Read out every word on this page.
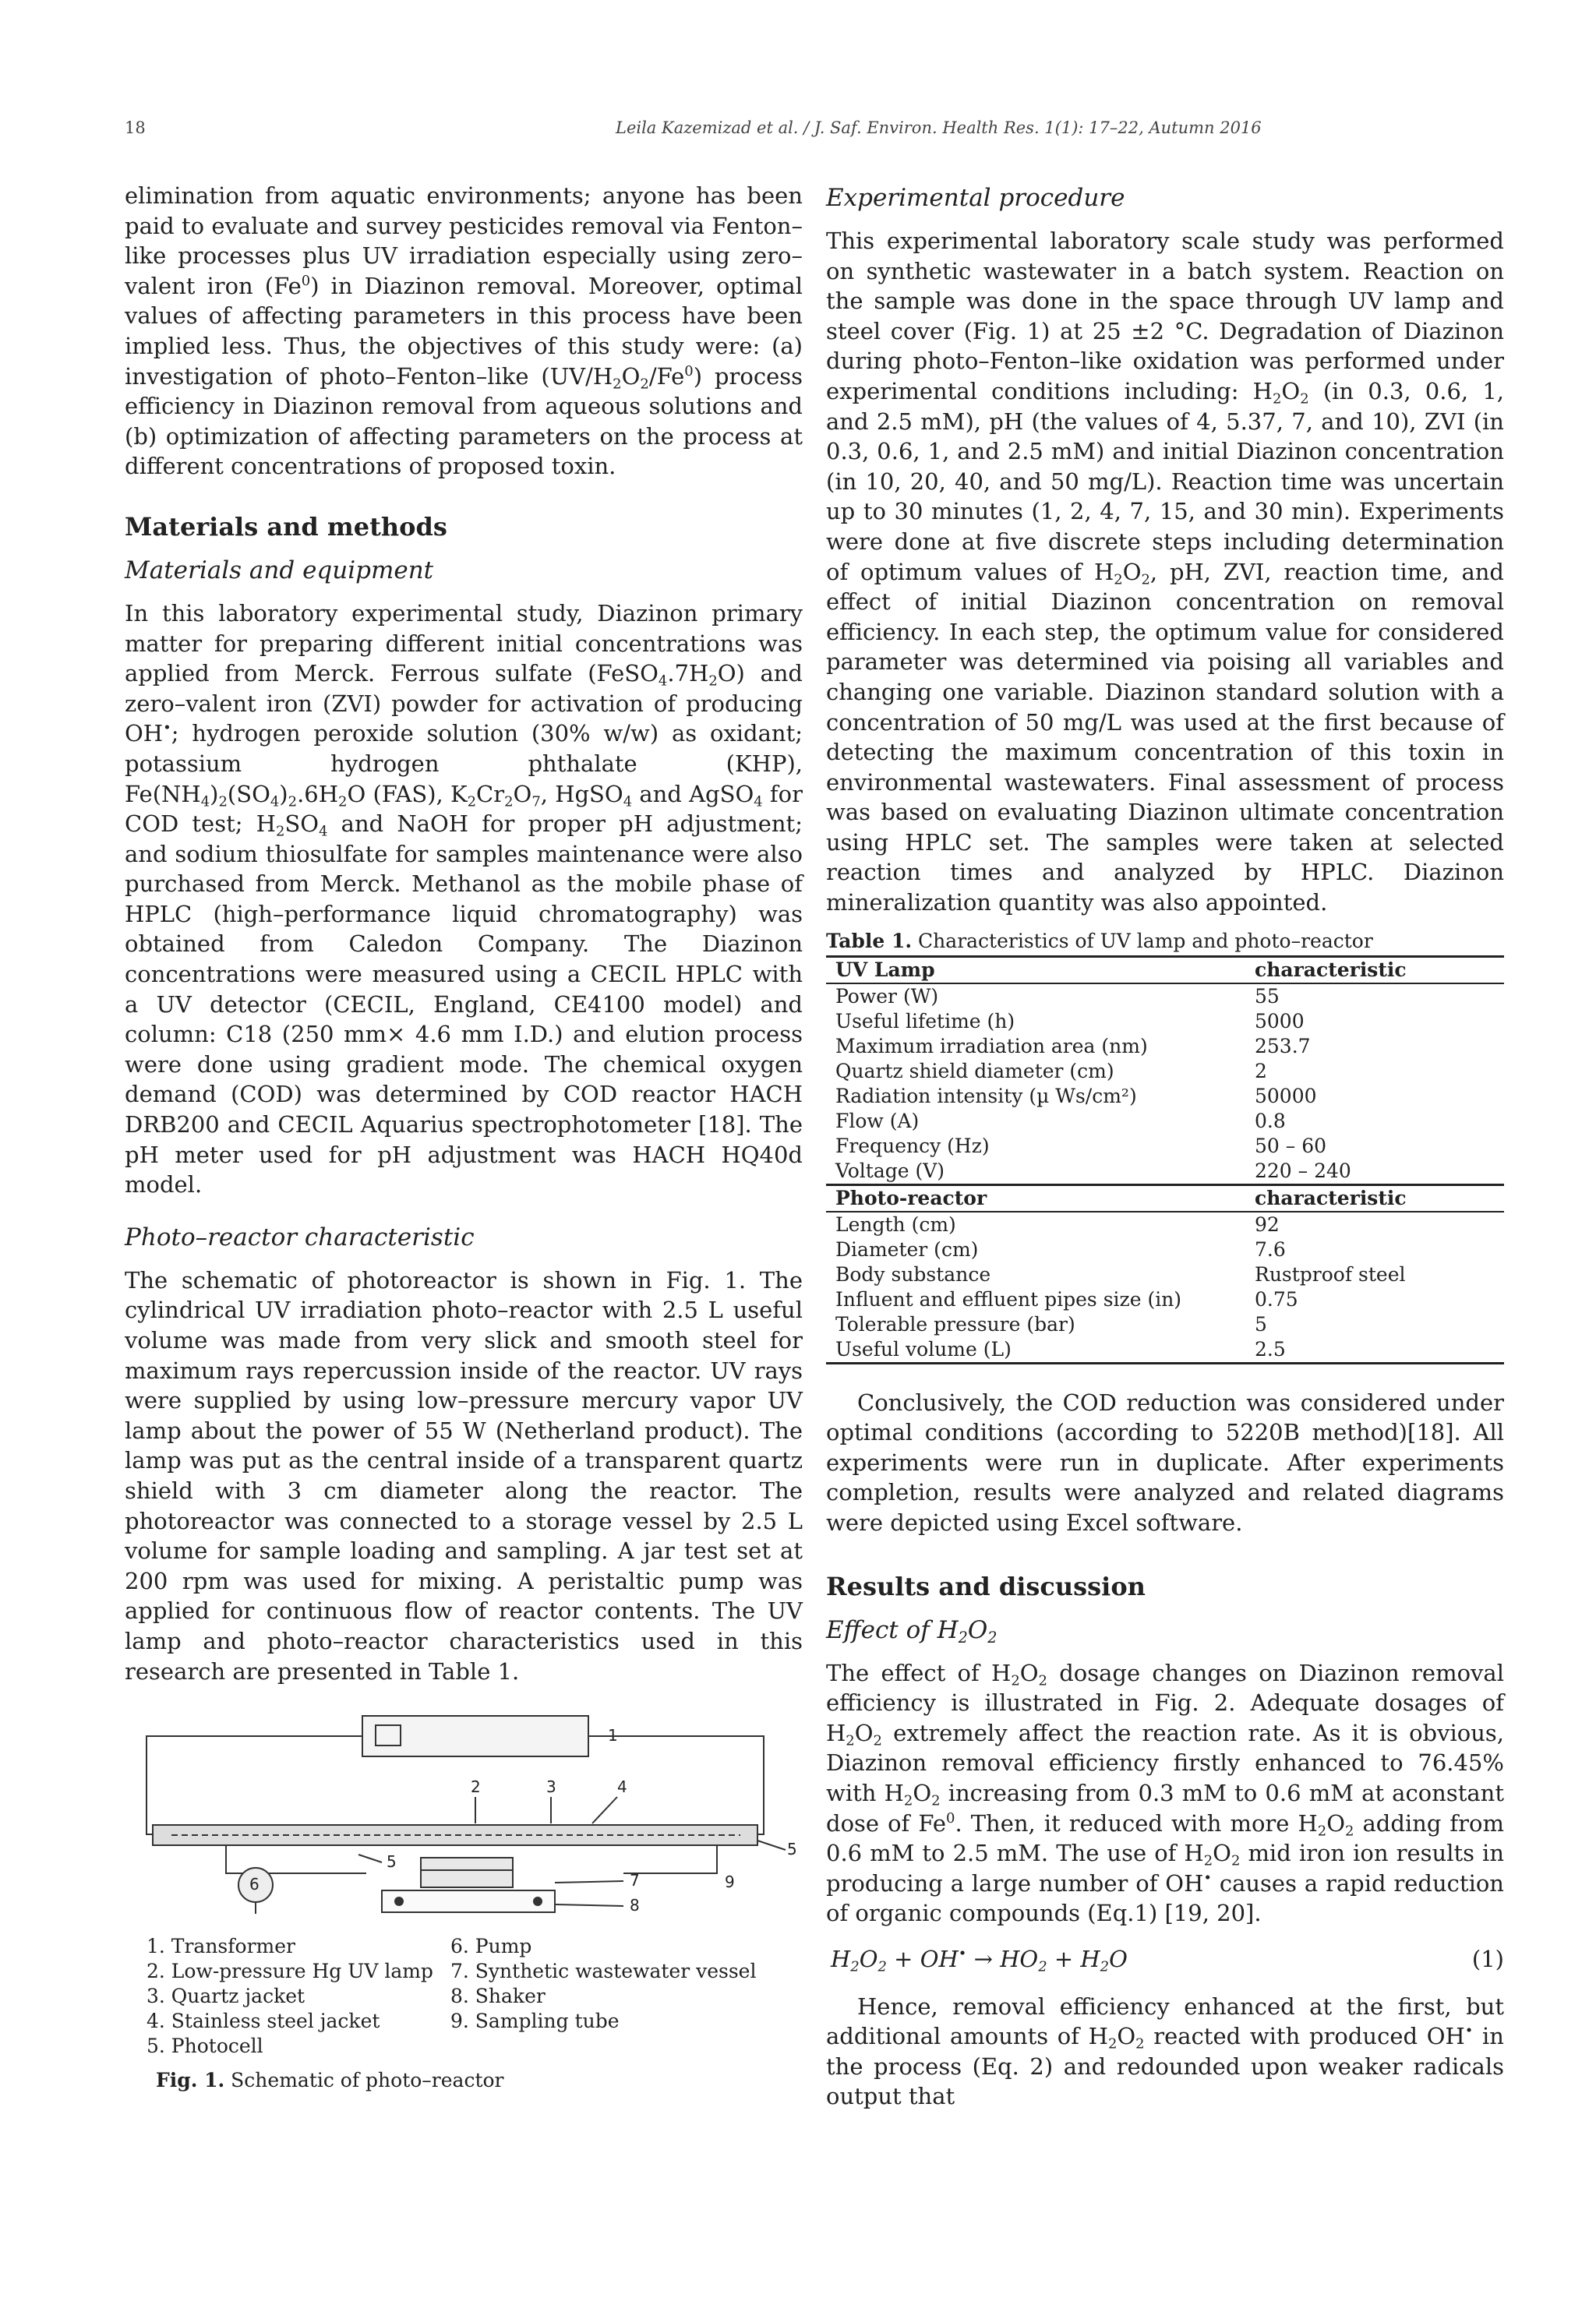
18	Leila Kazemizad et al. / J. Saf. Environ. Health Res. 1(1): 17–22, Autumn 2016

elimination from aquatic environments; anyone has been paid to evaluate and survey pesticides removal via Fenton–like processes plus UV irradiation especially using zero–valent iron (Fe$^0$) in Diazinon removal. Moreover, optimal values of affecting parameters in this process have been implied less. Thus, the objectives of this study were: (a) investigation of photo–Fenton–like $(UV/H_2O_2/Fe^0)$ process efficiency in Diazinon removal from aqueous solutions and (b) optimization of affecting parameters on the process at different concentrations of proposed toxin.

Materials and methods
Materials and equipment

In this laboratory experimental study, Diazinon primary matter for preparing different initial concentrations was applied from Merck. Ferrous sulfate $(FeSO_4.7H_2O)$ and zero–valent iron (ZVI) powder for activation of producing OH•; hydrogen peroxide solution (30% w/w) as oxidant; potassium hydrogen phthalate (KHP), $Fe(NH_4)_2(SO_4)_2.6H_2O$ (FAS), $K_2Cr_2O_7$, HgSO$_4$ and AgSO$_4$ for COD test; $H_2SO_4$ and NaOH for proper pH adjustment; and sodium thiosulfate for samples maintenance were also purchased from Merck. Methanol as the mobile phase of HPLC (high–performance liquid chromatography) was obtained from Caledon Company. The Diazinon concentrations were measured using a CECIL HPLC with a UV detector (CECIL, England, CE4100 model) and column: C18 (250 mm× 4.6 mm I.D.) and elution process were done using gradient mode. The chemical oxygen demand (COD) was determined by COD reactor HACH DRB200 and CECIL Aquarius spectrophotometer [18]. The pH meter used for pH adjustment was HACH HQ40d model.

Photo–reactor characteristic

The schematic of photoreactor is shown in Fig. 1. The cylindrical UV irradiation photo–reactor with 2.5 L useful volume was made from very slick and smooth steel for maximum rays repercussion inside of the reactor. UV rays were supplied by using low–pressure mercury vapor UV lamp about the power of 55 W (Netherland product). The lamp was put as the central inside of a transparent quartz shield with 3 cm diameter along the reactor. The photoreactor was connected to a storage vessel by 2.5 L volume for sample loading and sampling. A jar test set at 200 rpm was used for mixing. A peristaltic pump was applied for continuous flow of reactor contents. The UV lamp and photo–reactor characteristics used in this research are presented in Table 1.

1
2	3	4
5
5
6	7
8
9
1. Transformer	6. Pump
2. Low-pressure Hg UV lamp 7. Synthetic wastewater vessel
3. Quartz jacket	8. Shaker
4. Stainless steel jacket	9. Sampling tube
5. Photocell
Fig. 1. Schematic of photo–reactor
Experimental procedure

This experimental laboratory scale study was performed on synthetic wastewater in a batch system. Reaction on the sample was done in the space through UV lamp and steel cover (Fig. 1) at 25 ±2 °C. Degradation of Diazinon during photo–Fenton–like oxidation was performed under experimental conditions including: $H_2O_2$ (in 0.3, 0.6, 1, and 2.5 mM), pH (the values of 4, 5.37, 7, and 10), ZVI (in 0.3, 0.6, 1, and 2.5 mM) and initial Diazinon concentration (in 10, 20, 40, and 50 mg/L). Reaction time was uncertain up to 30 minutes (1, 2, 4, 7, 15, and 30 min). Experiments were done at five discrete steps including determination of optimum values of $H_2O_2$, pH, ZVI, reaction time, and effect of initial Diazinon concentration on removal efficiency. In each step, the optimum value for considered parameter was determined via poising all variables and changing one variable. Diazinon standard solution with a concentration of 50 mg/L was used at the first because of detecting the maximum concentration of this toxin in environmental wastewaters. Final assessment of process was based on evaluating Diazinon ultimate concentration using HPLC set. The samples were taken at selected reaction times and analyzed by HPLC. Diazinon mineralization quantity was also appointed.

Table 1. Characteristics of UV lamp and photo–reactor
UV Lamp	characteristic
Power (W)	55
Useful lifetime (h)	5000
Maximum irradiation area (nm)	253.7
Quartz shield diameter (cm)	2
Radiation intensity (µ Ws/cm²)	50000
Flow (A)	0.8
Frequency (Hz)	50 – 60
Voltage (V)	220 – 240
Photo-reactor	characteristic
Length (cm)	92
Diameter (cm)	7.6
Body substance	Rustproof steel
Influent and effluent pipes size (in)	0.75
Tolerable pressure (bar)	5
Useful volume (L)	2.5

Conclusively, the COD reduction was considered under optimal conditions (according to 5220B method)[18]. All experiments were run in duplicate. After experiments completion, results were analyzed and related diagrams were depicted using Excel software.

Results and discussion
Effect of $H_2O_2$

The effect of $H_2O_2$ dosage changes on Diazinon removal efficiency is illustrated in Fig. 2. Adequate dosages of $H_2O_2$ extremely affect the reaction rate. As it is obvious, Diazinon removal efficiency firstly enhanced to 76.45% with $H_2O_2$ increasing from 0.3 mM to 0.6 mM at aconstant dose of Fe$^0$. Then, it reduced with more $H_2O_2$ adding from 0.6 mM to 2.5 mM. The use of $H_2O_2$ mid iron ion results in producing a large number of OH• causes a rapid reduction of organic compounds (Eq.1) [19, 20].

$H_2O_2 + OH^• \to HO_2 + H_2O$	(1)

Hence, removal efficiency enhanced at the first, but additional amounts of $H_2O_2$ reacted with produced OH• in the process (Eq. 2) and redounded upon weaker radicals output that
